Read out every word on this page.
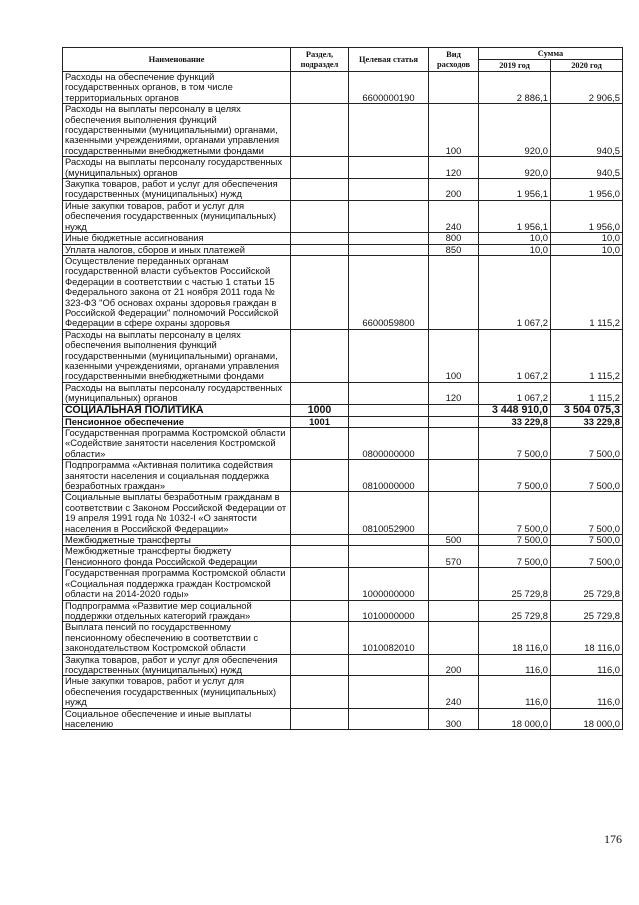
Наименование	Раздел, подраздел	Целевая статья	Вид расходов	Сумма	
				2019 год	2020 год
Расходы на обеспечение функций государственных органов, в том числе территориальных органов		6600000190		2 886,1	2 906,5
Расходы на выплаты персоналу в целях обеспечения выполнения функций государственными (муниципальными) органами, казенными учреждениями, органами управления государственными внебюджетными фондами			100	920,0	940,5
Расходы на выплаты персоналу государственных (муниципальных) органов			120	920,0	940,5
Закупка товаров, работ и услуг для обеспечения государственных (муниципальных) нужд			200	1 956,1	1 956,0
Иные закупки товаров, работ и услуг для обеспечения государственных (муниципальных) нужд			240	1 956,1	1 956,0
Иные бюджетные ассигнования			800	10,0	10,0
Уплата налогов, сборов и иных платежей			850	10,0	10,0
Осуществление переданных органам государственной власти субъектов Российской Федерации в соответствии с частью 1 статьи 15 Федерального закона от 21 ноября 2011 года № 323-ФЗ "Об основах охраны здоровья граждан в Российской Федерации" полномочий Российской Федерации в сфере охраны здоровья		6600059800		1 067,2	1 115,2
Расходы на выплаты персоналу в целях обеспечения выполнения функций государственными (муниципальными) органами, казенными учреждениями, органами управления государственными внебюджетными фондами			100	1 067,2	1 115,2
Расходы на выплаты персоналу государственных (муниципальных) органов			120	1 067,2	1 115,2
СОЦИАЛЬНАЯ ПОЛИТИКА	1000			3 448 910,0	3 504 075,3
Пенсионное обеспечение	1001			33 229,8	33 229,8
Государственная программа Костромской области «Содействие занятости населения Костромской области»		0800000000		7 500,0	7 500,0
Подпрограмма «Активная политика содействия занятости населения и социальная поддержка безработных граждан»		0810000000		7 500,0	7 500,0
Социальные выплаты безработным гражданам в соответствии с Законом Российской Федерации от 19 апреля 1991 года № 1032-I «О занятости населения в Российской Федерации»		0810052900		7 500,0	7 500,0
Межбюджетные трансферты			500	7 500,0	7 500,0
Межбюджетные трансферты бюджету Пенсионного фонда Российской Федерации			570	7 500,0	7 500,0
Государственная программа Костромской области «Социальная поддержка граждан Костромской области на 2014-2020 годы»		1000000000		25 729,8	25 729,8
Подпрограмма «Развитие мер социальной поддержки отдельных категорий граждан»		1010000000		25 729,8	25 729,8
Выплата пенсий по государственному пенсионному обеспечению в соответствии с законодательством Костромской области		1010082010		18 116,0	18 116,0
Закупка товаров, работ и услуг для обеспечения государственных (муниципальных) нужд			200	116,0	116,0
Иные закупки товаров, работ и услуг для обеспечения государственных (муниципальных) нужд			240	116,0	116,0
Социальное обеспечение и иные выплаты населению			300	18 000,0	18 000,0
176
